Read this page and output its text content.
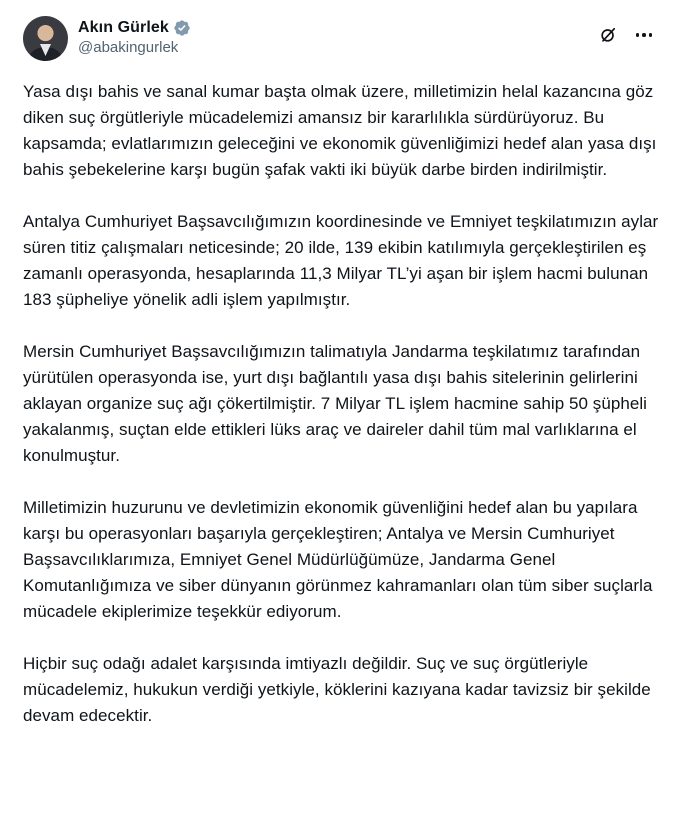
Akın Gürlek
@abakingurlek

Yasa dışı bahis ve sanal kumar başta olmak üzere, milletimizin helal kazancına göz diken suç örgütleriyle mücadelemizi amansız bir kararlılıkla sürdürüyoruz. Bu kapsamda; evlatlarımızın geleceğini ve ekonomik güvenliğimizi hedef alan yasa dışı bahis şebekelerine karşı bugün şafak vakti iki büyük darbe birden indirilmiştir.

Antalya Cumhuriyet Başsavcılığımızın koordinesinde ve Emniyet teşkilatımızın aylar süren titiz çalışmaları neticesinde; 20 ilde, 139 ekibin katılımıyla gerçekleştirilen eş zamanlı operasyonda, hesaplarında 11,3 Milyar TL’yi aşan bir işlem hacmi bulunan 183 şüpheliye yönelik adli işlem yapılmıştır.

Mersin Cumhuriyet Başsavcılığımızın talimatıyla Jandarma teşkilatımız tarafından yürütülen operasyonda ise, yurt dışı bağlantılı yasa dışı bahis sitelerinin gelirlerini aklayan organize suç ağı çökertilmiştir. 7 Milyar TL işlem hacmine sahip 50 şüpheli yakalanmış, suçtan elde ettikleri lüks araç ve daireler dahil tüm mal varlıklarına el konulmuştur.

Milletimizin huzurunu ve devletimizin ekonomik güvenliğini hedef alan bu yapılara karşı bu operasyonları başarıyla gerçekleştiren; Antalya ve Mersin Cumhuriyet Başsavcılıklarımıza, Emniyet Genel Müdürlüğümüze, Jandarma Genel Komutanlığımıza ve siber dünyanın görünmez kahramanları olan tüm siber suçlarla mücadele ekiplerimize teşekkür ediyorum.

Hiçbir suç odağı adalet karşısında imtiyazlı değildir. Suç ve suç örgütleriyle mücadelemiz, hukukun verdiği yetkiyle, köklerini kazıyana kadar tavizsiz bir şekilde devam edecektir.
